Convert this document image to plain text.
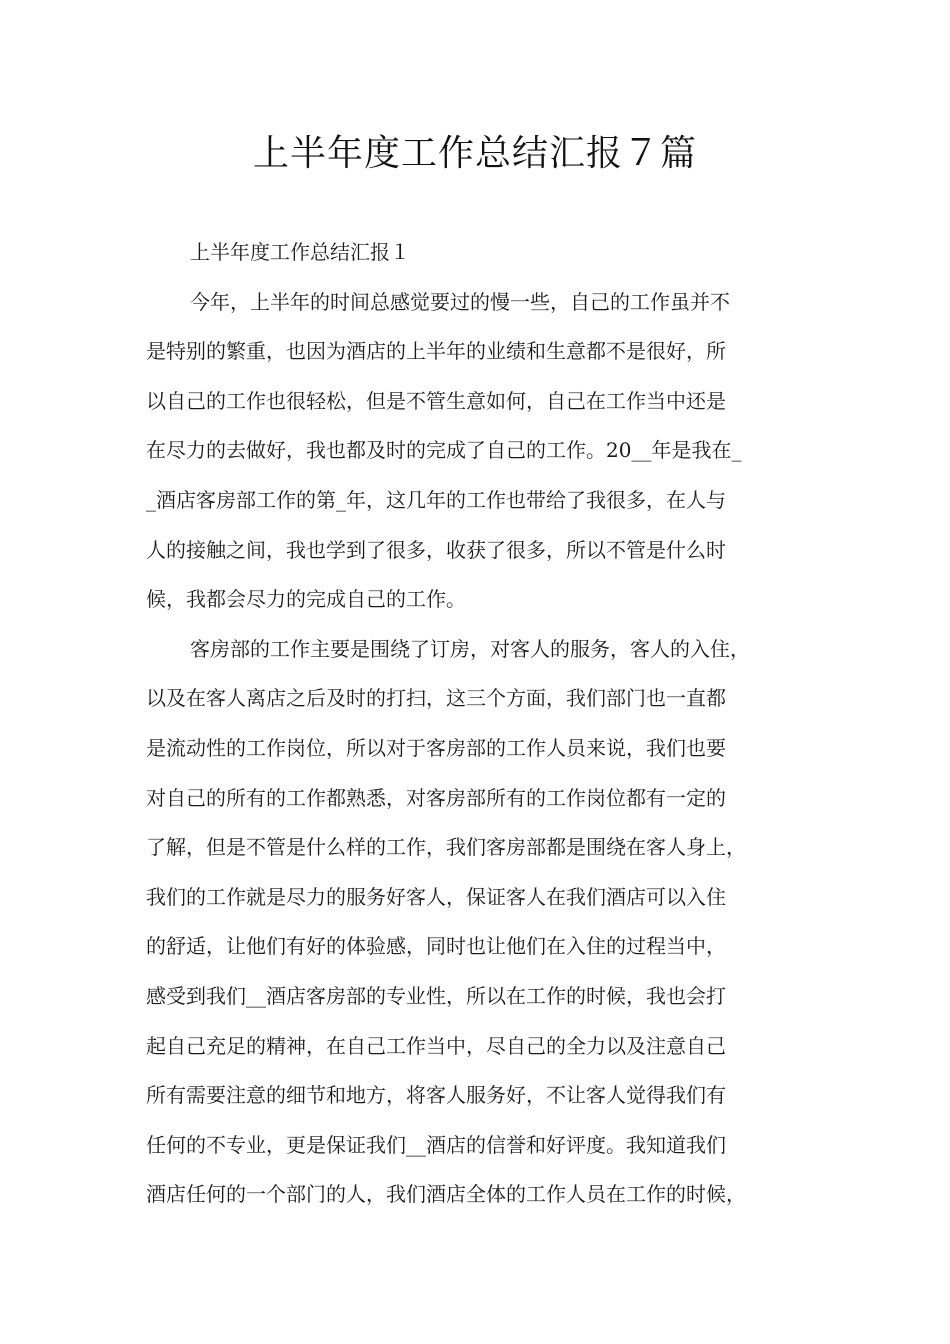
上半年度工作总结汇报７篇
上半年度工作总结汇报１

今年，上半年的时间总感觉要过的慢一些，自己的工作虽并不
是特别的繁重，也因为酒店的上半年的业绩和生意都不是很好，所
以自己的工作也很轻松，但是不管生意如何，自己在工作当中还是
在尽力的去做好，我也都及时的完成了自己的工作。20__年是我在_
_酒店客房部工作的第_年，这几年的工作也带给了我很多，在人与
人的接触之间，我也学到了很多，收获了很多，所以不管是什么时
候，我都会尽力的完成自己的工作。

客房部的工作主要是围绕了订房，对客人的服务，客人的入住，
以及在客人离店之后及时的打扫，这三个方面，我们部门也一直都
是流动性的工作岗位，所以对于客房部的工作人员来说，我们也要
对自己的所有的工作都熟悉，对客房部所有的工作岗位都有一定的
了解，但是不管是什么样的工作，我们客房部都是围绕在客人身上，
我们的工作就是尽力的服务好客人，保证客人在我们酒店可以入住
的舒适，让他们有好的体验感，同时也让他们在入住的过程当中，
感受到我们__酒店客房部的专业性，所以在工作的时候，我也会打
起自己充足的精神，在自己工作当中，尽自己的全力以及注意自己
所有需要注意的细节和地方，将客人服务好，不让客人觉得我们有
任何的不专业，更是保证我们__酒店的信誉和好评度。我知道我们
酒店任何的一个部门的人，我们酒店全体的工作人员在工作的时候，
